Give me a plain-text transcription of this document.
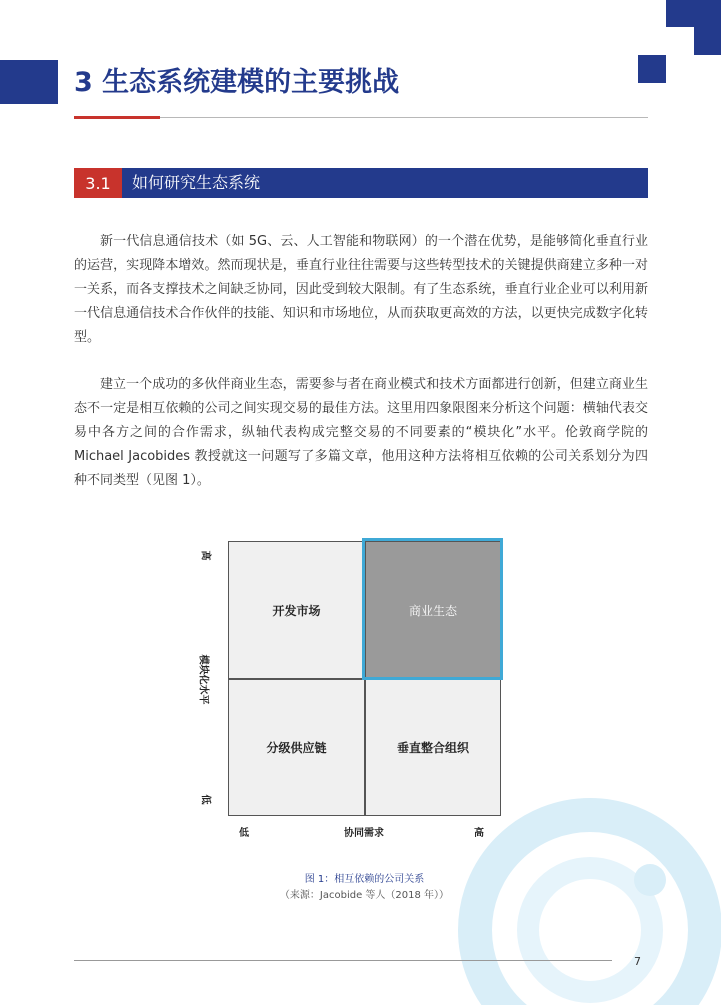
3 生态系统建模的主要挑战
3.1	如何研究生态系统

新一代信息通信技术（如 5G、云、人工智能和物联网）的一个潜在优势，是能够简化垂直行业的运营，实现降本增效。然而现状是，垂直行业往往需要与这些转型技术的关键提供商建立多种一对一关系，而各支撑技术之间缺乏协同，因此受到较大限制。有了生态系统，垂直行业企业可以利用新一代信息通信技术合作伙伴的技能、知识和市场地位，从而获取更高效的方法，以更快完成数字化转型。

建立一个成功的多伙伴商业生态，需要参与者在商业模式和技术方面都进行创新，但建立商业生态不一定是相互依赖的公司之间实现交易的最佳方法。这里用四象限图来分析这个问题：横轴代表交易中各方之间的合作需求，纵轴代表构成完整交易的不同要素的“模块化”水平。伦敦商学院的 Michael Jacobides 教授就这一问题写了多篇文章，他用这种方法将相互依赖的公司关系划分为四种不同类型（见图 1）。

开发市场	商业生态
分级供应链	垂直整合组织
高
模块化水平
低
低	协同需求	高
图 1：相互依赖的公司关系
（来源：Jacobide 等人（2018 年））
7
